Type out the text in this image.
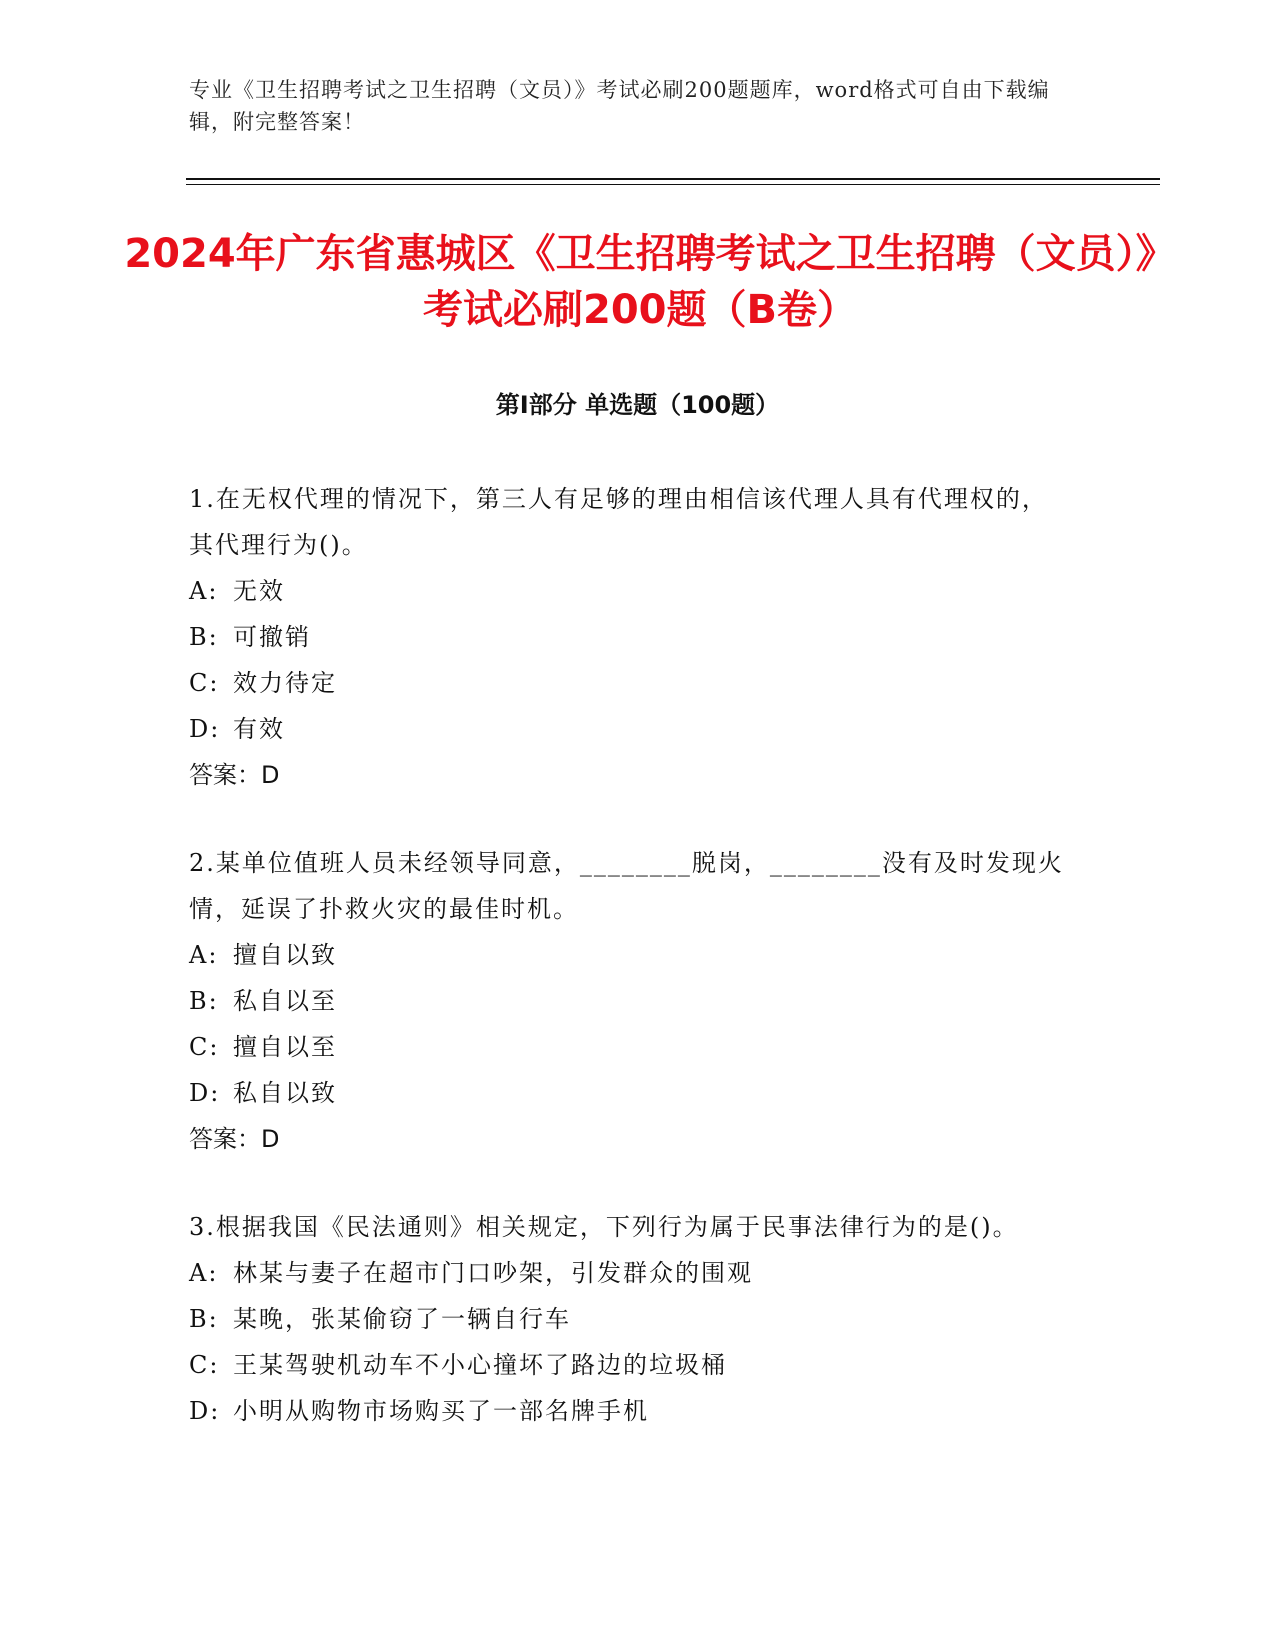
专业《卫生招聘考试之卫生招聘（文员）》考试必刷200题题库，word格式可自由下载编辑，附完整答案！
2024年广东省惠城区《卫生招聘考试之卫生招聘（文员）》考试必刷200题（B卷）
第Ⅰ部分 单选题（100题）
1.在无权代理的情况下，第三人有足够的理由相信该代理人具有代理权的，其代理行为()。
A: 无效
B: 可撤销
C: 效力待定
D: 有效
答案：D
2.某单位值班人员未经领导同意，________脱岗，________没有及时发现火情，延误了扑救火灾的最佳时机。
A: 擅自以致
B: 私自以至
C: 擅自以至
D: 私自以致
答案：D
3.根据我国《民法通则》相关规定，下列行为属于民事法律行为的是()。
A: 林某与妻子在超市门口吵架，引发群众的围观
B: 某晚，张某偷窃了一辆自行车
C: 王某驾驶机动车不小心撞坏了路边的垃圾桶
D: 小明从购物市场购买了一部名牌手机
